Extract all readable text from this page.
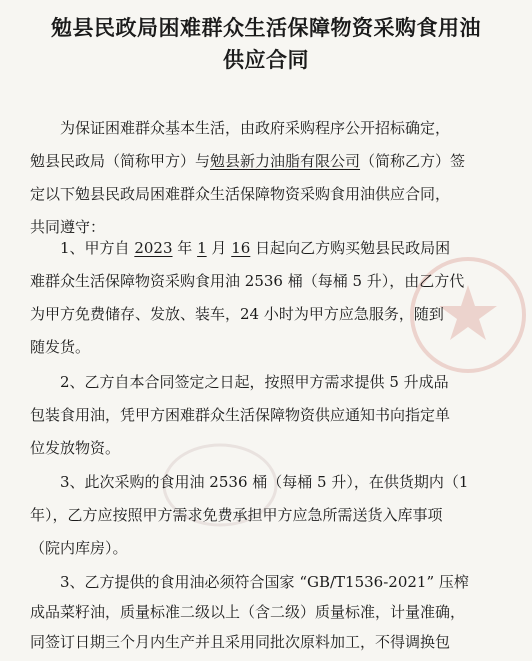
勉县民政局困难群众生活保障物资采购食用油
供应合同
为保证困难群众基本生活，由政府采购程序公开招标确定，
勉县民政局（简称甲方）与勉县新力油脂有限公司（简称乙方）签
定以下勉县民政局困难群众生活保障物资采购食用油供应合同，
共同遵守：
1、甲方自 2023 年 1 月 16 日起向乙方购买勉县民政局困
难群众生活保障物资采购食用油 2536 桶（每桶 5 升），由乙方代
为甲方免费储存、发放、装车，24 小时为甲方应急服务，随到
随发货。
2、乙方自本合同签定之日起，按照甲方需求提供 5 升成品
包装食用油，凭甲方困难群众生活保障物资供应通知书向指定单
位发放物资。
3、此次采购的食用油 2536 桶（每桶 5 升），在供货期内（1
年），乙方应按照甲方需求免费承担甲方应急所需送货入库事项
（院内库房）。
3、乙方提供的食用油必须符合国家 “GB/T1536-2021” 压榨
成品菜籽油，质量标准二级以上（含二级）质量标准，计量准确，
同签订日期三个月内生产并且采用同批次原料加工，不得调换包
